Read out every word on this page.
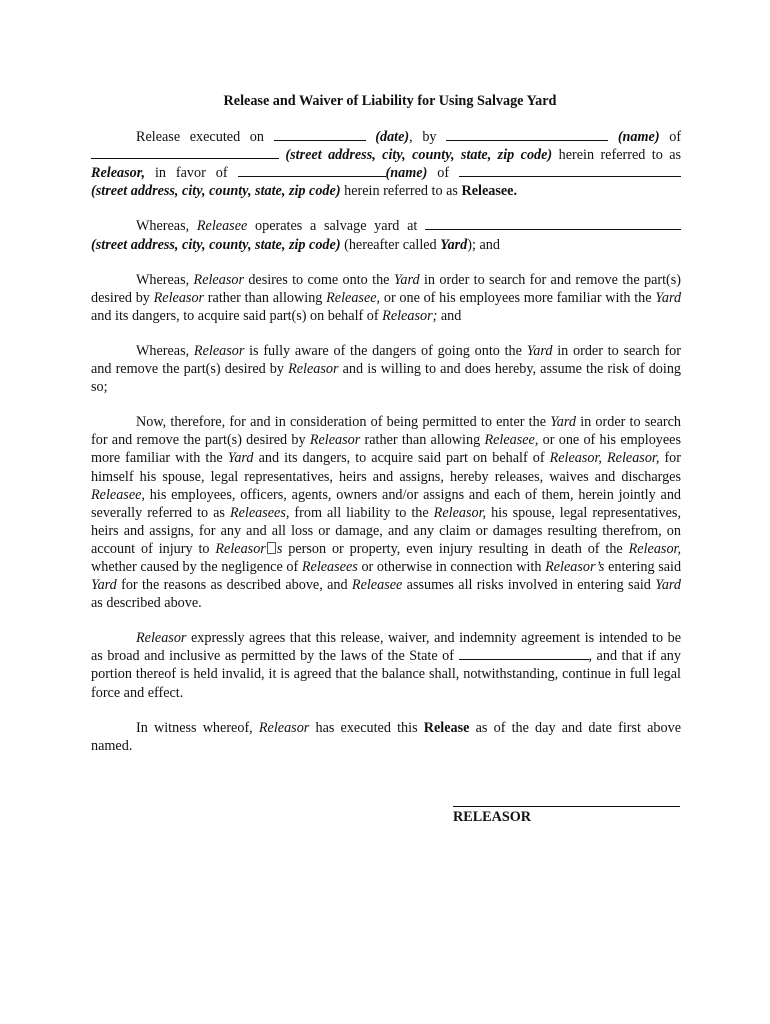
Release and Waiver of Liability for Using Salvage Yard

Release executed on	(date), by	(name) of  (street address, city, county, state, zip code) herein referred to as Releasor, in favor of	(name) of  (street address, city, county, state, zip code) herein referred to as Releasee.

Whereas, Releasee operates a salvage yard at  (street address, city, county, state, zip code) (hereafter called Yard); and

Whereas, Releasor desires to come onto the Yard in order to search for and remove the part(s) desired by Releasor rather than allowing Releasee, or one of his employees more familiar with the Yard and its dangers, to acquire said part(s) on behalf of Releasor; and

Whereas, Releasor is fully aware of the dangers of going onto the Yard in order to search for and remove the part(s) desired by Releasor and is willing to and does hereby, assume the risk of doing so;

Now, therefore, for and in consideration of being permitted to enter the Yard in order to search for and remove the part(s) desired by Releasor rather than allowing Releasee, or one of his employees more familiar with the Yard and its dangers, to acquire said part on behalf of Releasor, Releasor, for himself his spouse, legal representatives, heirs and assigns, hereby releases, waives and discharges Releasee, his employees, officers, agents, owners and/or assigns and each of them, herein jointly and severally referred to as Releasees, from all liability to the Releasor, his spouse, legal representatives, heirs and assigns, for any and all loss or damage, and any claim or damages resulting therefrom, on account of injury to Releasor s person or property, even injury resulting in death of the Releasor, whether caused by the negligence of Releasees or otherwise in connection with Releasor’s entering said Yard for the reasons as described above, and Releasee assumes all risks involved in entering said Yard as described above.

Releasor expressly agrees that this release, waiver, and indemnity agreement is intended to be as broad and inclusive as permitted by the laws of the State of	, and that if any portion thereof is held invalid, it is agreed that the balance shall, notwithstanding, continue in full legal force and effect.

In witness whereof, Releasor has executed this Release as of the day and date first above named.

RELEASOR
